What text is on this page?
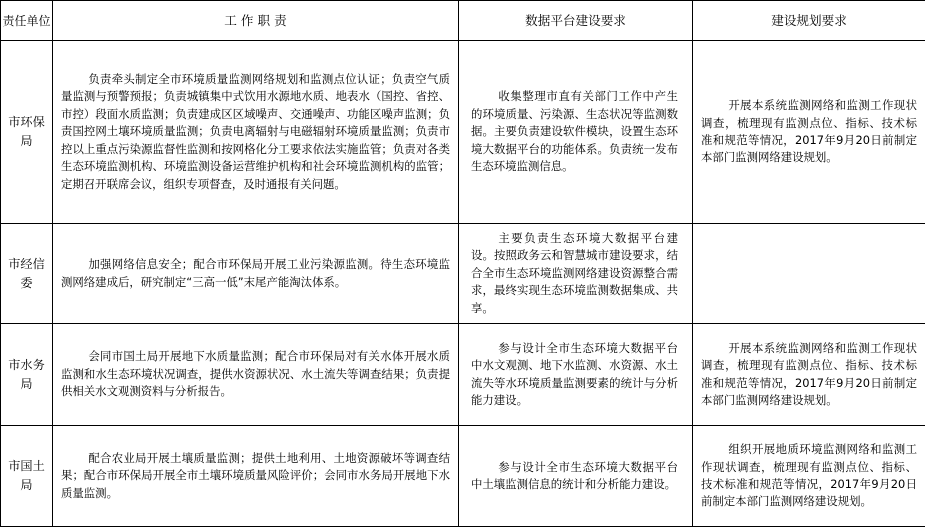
责任单位	工 作 职 责	数据平台建设要求	建设规划要求
市环保局	负责牵头制定全市环境质量监测网络规划和监测点位认证；负责空气质量监测与预警预报；负责城镇集中式饮用水源地水质、地表水（国控、省控、市控）段面水质监测；负责建成区区域噪声、交通噪声、功能区噪声监测；负责国控网土壤环境质量监测；负责电离辐射与电磁辐射环境质量监测；负责市控以上重点污染源监督性监测和按网格化分工要求依法实施监管；负责对各类生态环境监测机构、环境监测设备运营维护机构和社会环境监测机构的监管；定期召开联席会议，组织专项督查，及时通报有关问题。	收集整理市直有关部门工作中产生的环境质量、污染源、生态状况等监测数据。主要负责建设软件模块，设置生态环境大数据平台的功能体系。负责统一发布生态环境监测信息。	开展本系统监测网络和监测工作现状调查，梳理现有监测点位、指标、技术标准和规范等情况，2017年9月20日前制定本部门监测网络建设规划。

市经信委	加强网络信息安全；配合市环保局开展工业污染源监测。待生态环境监测网络建成后，研究制定“三高一低”末尾产能淘汰体系。	主要负责生态环境大数据平台建设。按照政务云和智慧城市建设要求，结合全市生态环境监测网络建设资源整合需求，最终实现生态环境监测数据集成、共享。	

市水务局	会同市国土局开展地下水质量监测；配合市环保局对有关水体开展水质监测和水生态环境状况调查，提供水资源状况、水土流失等调查结果；负责提供相关水文观测资料与分析报告。	参与设计全市生态环境大数据平台中水文观测、地下水监测、水资源、水土流失等水环境质量监测要素的统计与分析能力建设。	开展本系统监测网络和监测工作现状调查，梳理现有监测点位、指标、技术标准和规范等情况，2017年9月20日前制定本部门监测网络建设规划。

市国土局	配合农业局开展土壤质量监测；提供土地利用、土地资源破坏等调查结果；配合市环保局开展全市土壤环境质量风险评价；会同市水务局开展地下水质量监测。	参与设计全市生态环境大数据平台中土壤监测信息的统计和分析能力建设。	组织开展地质环境监测网络和监测工作现状调查，梳理现有监测点位、指标、技术标准和规范等情况，2017年9月20日前制定本部门监测网络建设规划。
